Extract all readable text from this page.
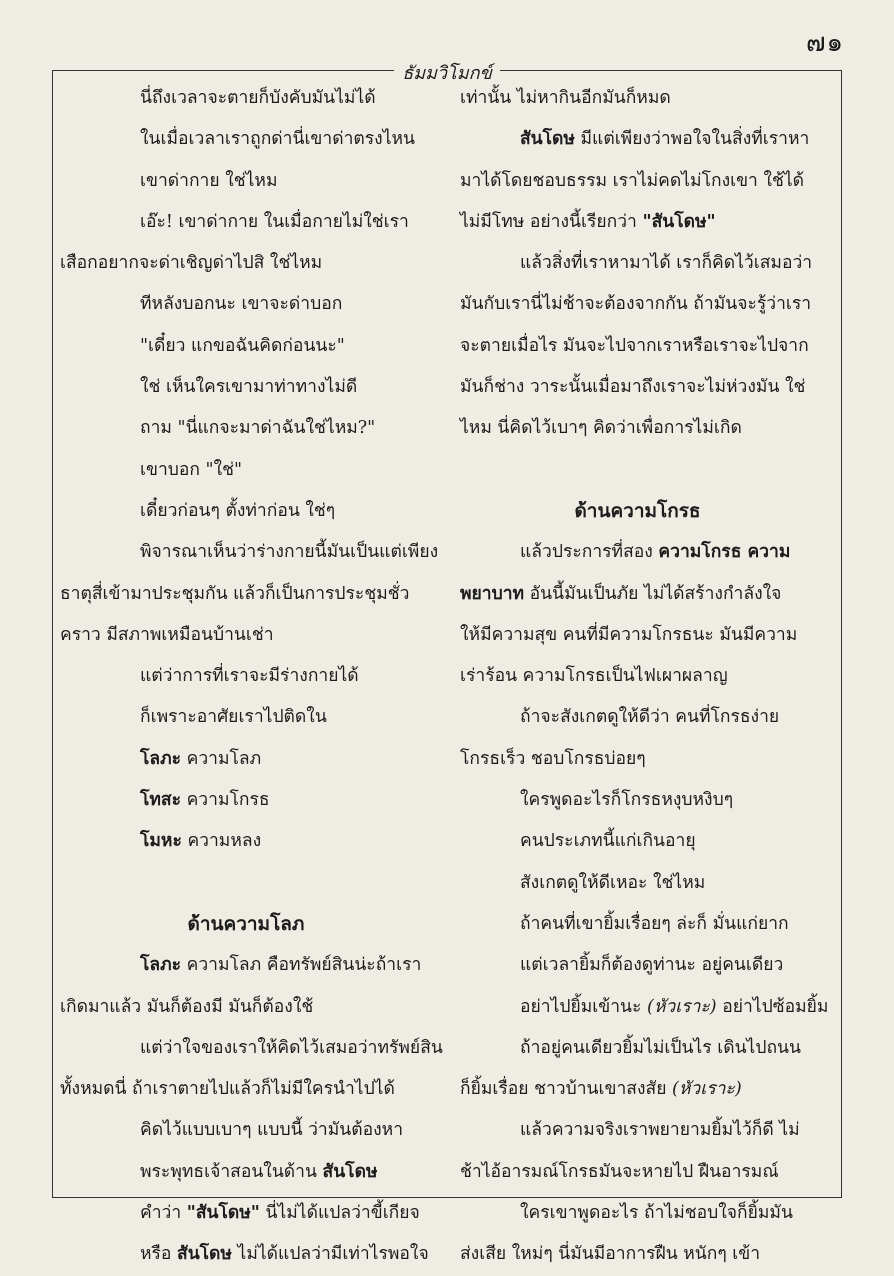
๗๑
ธัมมวิโมกข์
นี่ถึงเวลาจะตายก็บังคับมันไม่ได้
ในเมื่อเวลาเราถูกด่านี่เขาด่าตรงไหน
เขาด่ากาย ใช่ไหม
เอ๊ะ! เขาด่ากาย ในเมื่อกายไม่ใช่เรา
เสือกอยากจะด่าเชิญด่าไปสิ ใช่ไหม
ทีหลังบอกนะ เขาจะด่าบอก
"เดี๋ยว แกขอฉันคิดก่อนนะ"
ใช่ เห็นใครเขามาท่าทางไม่ดี
ถาม "นี่แกจะมาด่าฉันใช่ไหม?"
เขาบอก "ใช่"
เดี๋ยวก่อนๆ ตั้งท่าก่อน ใช่ๆ
พิจารณาเห็นว่าร่างกายนี้มันเป็นแต่เพียง
ธาตุสี่เข้ามาประชุมกัน แล้วก็เป็นการประชุมชั่ว
คราว มีสภาพเหมือนบ้านเช่า
แต่ว่าการที่เราจะมีร่างกายได้
ก็เพราะอาศัยเราไปติดใน
โลภะ ความโลภ
โทสะ ความโกรธ
โมหะ ความหลง
ด้านความโลภ
โลภะ ความโลภ คือทรัพย์สินน่ะถ้าเรา
เกิดมาแล้ว มันก็ต้องมี มันก็ต้องใช้
แต่ว่าใจของเราให้คิดไว้เสมอว่าทรัพย์สิน
ทั้งหมดนี่ ถ้าเราตายไปแล้วก็ไม่มีใครนำไปได้
คิดไว้แบบเบาๆ แบบนี้ ว่ามันต้องหา
พระพุทธเจ้าสอนในด้าน สันโดษ
คำว่า "สันโดษ" นี่ไม่ได้แปลว่าขี้เกียจ
หรือ สันโดษ ไม่ได้แปลว่ามีเท่าไรพอใจ
เท่านั้น ไม่หากินอีกมันก็หมด
สันโดษ มีแต่เพียงว่าพอใจในสิ่งที่เราหา
มาได้โดยชอบธรรม เราไม่คดไม่โกงเขา ใช้ได้
ไม่มีโทษ อย่างนี้เรียกว่า "สันโดษ"
แล้วสิ่งที่เราหามาได้ เราก็คิดไว้เสมอว่า
มันกับเรานี่ไม่ช้าจะต้องจากกัน ถ้ามันจะรู้ว่าเรา
จะตายเมื่อไร มันจะไปจากเราหรือเราจะไปจาก
มันก็ช่าง วาระนั้นเมื่อมาถึงเราจะไม่ห่วงมัน ใช่
ไหม นี่คิดไว้เบาๆ คิดว่าเพื่อการไม่เกิด
ด้านความโกรธ
แล้วประการที่สอง ความโกรธ ความ
พยาบาท อันนี้มันเป็นภัย ไม่ได้สร้างกำลังใจ
ให้มีความสุข คนที่มีความโกรธนะ มันมีความ
เร่าร้อน ความโกรธเป็นไฟเผาผลาญ
ถ้าจะสังเกตดูให้ดีว่า คนที่โกรธง่าย
โกรธเร็ว ชอบโกรธบ่อยๆ
ใครพูดอะไรก็โกรธหงุบหงิบๆ
คนประเภทนี้แก่เกินอายุ
สังเกตดูให้ดีเหอะ ใช่ไหม
ถ้าคนที่เขายิ้มเรื่อยๆ ล่ะก็ มั่นแก่ยาก
แต่เวลายิ้มก็ต้องดูท่านะ อยู่คนเดียว
อย่าไปยิ้มเข้านะ (หัวเราะ) อย่าไปซ้อมยิ้ม
ถ้าอยู่คนเดียวยิ้มไม่เป็นไร เดินไปถนน
ก็ยิ้มเรื่อย ชาวบ้านเขาสงสัย (หัวเราะ)
แล้วความจริงเราพยายามยิ้มไว้ก็ดี ไม่
ช้าไอ้อารมณ์โกรธมันจะหายไป ฝืนอารมณ์
ใครเขาพูดอะไร ถ้าไม่ชอบใจก็ยิ้มมัน
ส่งเสีย ใหม่ๆ นี่มันมีอาการฝืน หนักๆ เข้า
